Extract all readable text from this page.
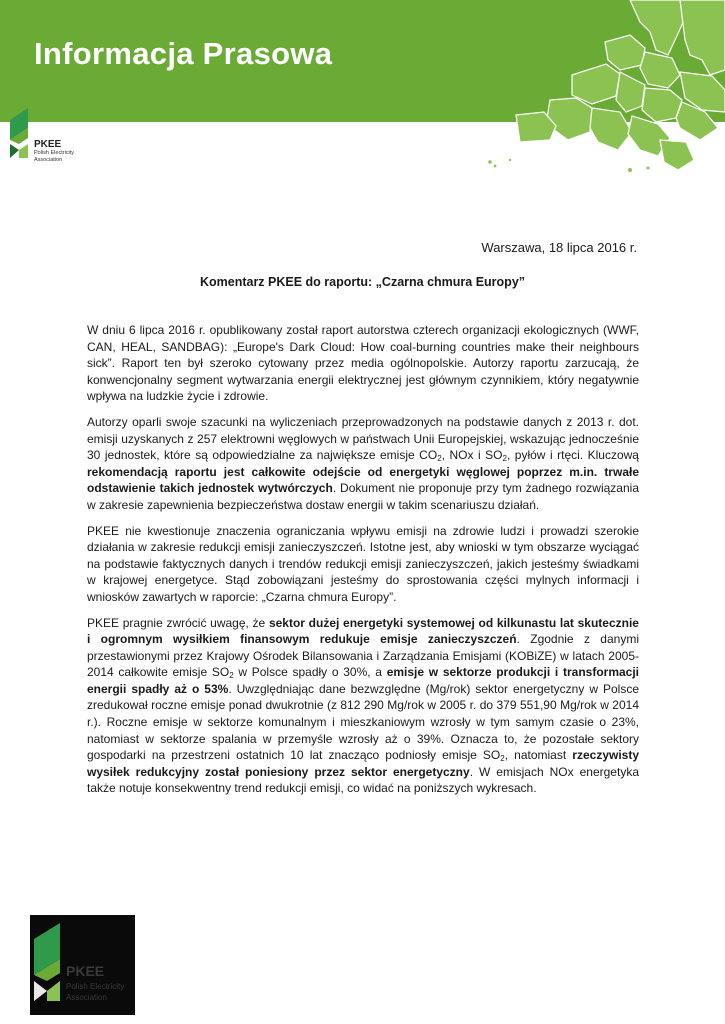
Informacja Prasowa
PKEE
Polish Electricity
Association
Warszawa, 18 lipca 2016 r.
Komentarz PKEE do raportu: „Czarna chmura Europy”

W dniu 6 lipca 2016 r. opublikowany został raport autorstwa czterech organizacji ekologicznych (WWF, CAN, HEAL, SANDBAG): „Europe's Dark Cloud: How coal-burning countries make their neighbours sick”. Raport ten był szeroko cytowany przez media ogólnopolskie. Autorzy raportu zarzucają, że konwencjonalny segment wytwarzania energii elektrycznej jest głównym czynnikiem, który negatywnie wpływa na ludzkie życie i zdrowie.

Autorzy oparli swoje szacunki na wyliczeniach przeprowadzonych na podstawie danych z 2013 r. dot. emisji uzyskanych z 257 elektrowni węglowych w państwach Unii Europejskiej, wskazując jednocześnie 30 jednostek, które są odpowiedzialne za największe emisje $CO_2$, NOx i $SO_2$, pyłów i rtęci. Kluczową rekomendacją raportu jest całkowite odejście od energetyki węglowej poprzez m.in. trwałe odstawienie takich jednostek wytwórczych. Dokument nie proponuje przy tym żadnego rozwiązania w zakresie zapewnienia bezpieczeństwa dostaw energii w takim scenariuszu działań.

PKEE nie kwestionuje znaczenia ograniczania wpływu emisji na zdrowie ludzi i prowadzi szerokie działania w zakresie redukcji emisji zanieczyszczeń. Istotne jest, aby wnioski w tym obszarze wyciągać na podstawie faktycznych danych i trendów redukcji emisji zanieczyszczeń, jakich jesteśmy świadkami w krajowej energetyce. Stąd zobowiązani jesteśmy do sprostowania części mylnych informacji i wniosków zawartych w raporcie: „Czarna chmura Europy”.

PKEE pragnie zwrócić uwagę, że sektor dużej energetyki systemowej od kilkunastu lat skutecznie i ogromnym wysiłkiem finansowym redukuje emisje zanieczyszczeń. Zgodnie z danymi przestawionymi przez Krajowy Ośrodek Bilansowania i Zarządzania Emisjami (KOBiZE) w latach 2005-2014 całkowite emisje $SO_2$ w Polsce spadły o 30%, a emisje w sektorze produkcji i transformacji energii spadły aż o 53%. Uwzględniając dane bezwzględne (Mg/rok) sektor energetyczny w Polsce zredukował roczne emisje ponad dwukrotnie (z 812 290 Mg/rok w 2005 r. do 379 551,90 Mg/rok w 2014 r.). Roczne emisje w sektorze komunalnym i mieszkaniowym wzrosły w tym samym czasie o 23%, natomiast w sektorze spalania w przemyśle wzrosły aż o 39%. Oznacza to, że pozostałe sektory gospodarki na przestrzeni ostatnich 10 lat znacząco podniosły emisje $SO_2$, natomiast rzeczywisty wysiłek redukcyjny został poniesiony przez sektor energetyczny. W emisjach NOx energetyka także notuje konsekwentny trend redukcji emisji, co widać na poniższych wykresach.

PKEE
Polish Electricity
Association
